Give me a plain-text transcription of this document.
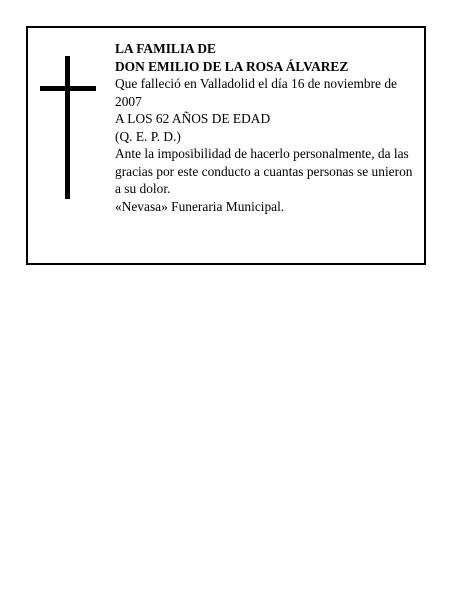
LA FAMILIA DE
DON EMILIO DE LA ROSA ÁLVAREZ
Que falleció en Valladolid el día 16 de noviembre de 2007
A LOS 62 AÑOS DE EDAD
(Q. E. P. D.)
Ante la imposibilidad de hacerlo personalmente, da las gracias por este conducto a cuantas personas se unieron a su dolor.
«Nevasa» Funeraria Municipal.
